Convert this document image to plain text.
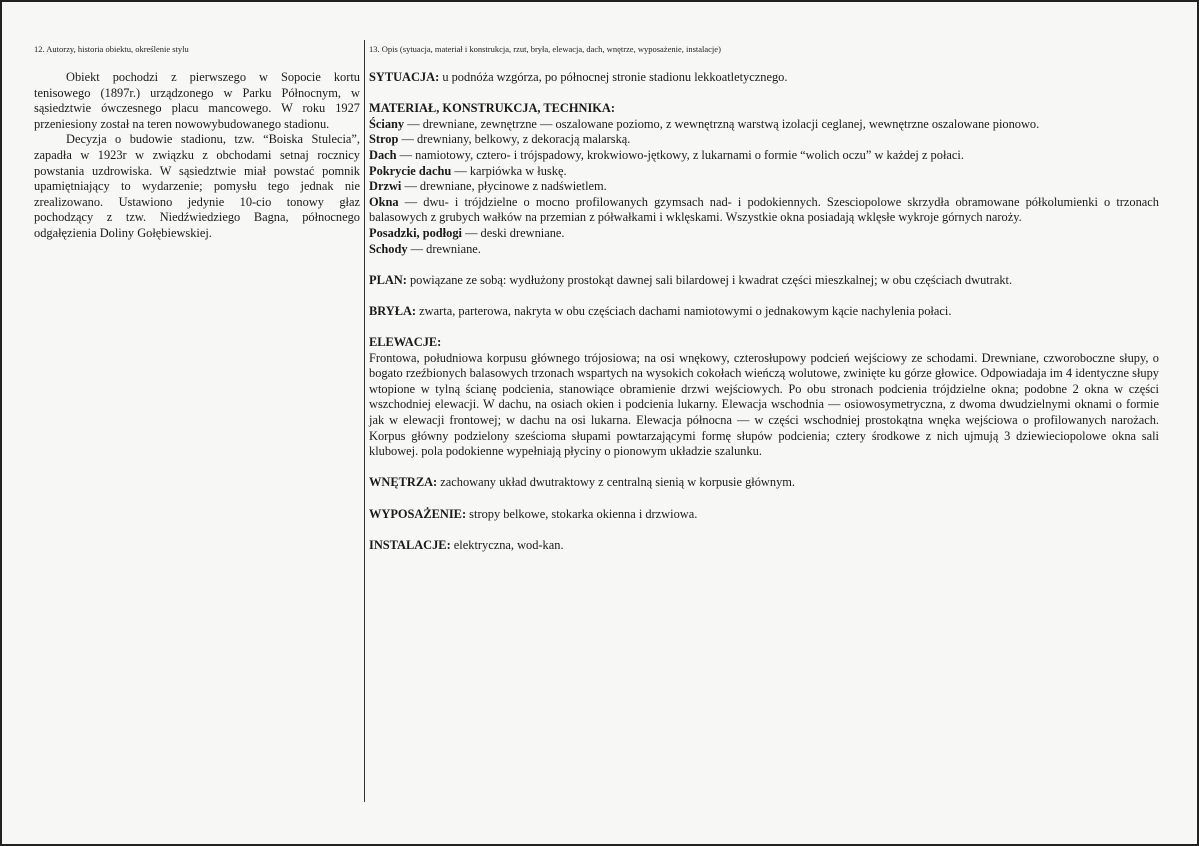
12. Autorzy, historia obiektu, określenie stylu

Obiekt pochodzi z pierwszego w Sopocie kortu tenisowego (1897r.) urządzonego w Parku Północnym, w sąsiedztwie ówczesnego placu mancowego. W roku 1927 przeniesiony został na teren nowowybudowanego stadionu.

Decyzja o budowie stadionu, tzw. “Boiska Stulecia”, zapadła w 1923r w związku z obchodami setnaj rocznicy powstania uzdrowiska. W sąsiedztwie miał powstać pomnik upamiętniający to wydarzenie; pomysłu tego jednak nie zrealizowano. Ustawiono jedynie 10-cio tonowy głaz pochodzący z tzw. Niedźwiedziego Bagna, północnego odgałęzienia Doliny Gołębiewskiej.

13. Opis (sytuacja, materiał i konstrukcja, rzut, bryła, elewacja, dach, wnętrze, wyposażenie, instalacje)

SYTUACJA: u podnóża wzgórza, po północnej stronie stadionu lekkoatletycznego.

MATERIAŁ, KONSTRUKCJA, TECHNIKA:

Ściany — drewniane, zewnętrzne — oszalowane poziomo, z wewnętrzną warstwą izolacji ceglanej, wewnętrzne oszalowane pionowo.

Strop — drewniany, belkowy, z dekoracją malarską.

Dach — namiotowy, cztero- i trójspadowy, krokwiowo-jętkowy, z lukarnami o formie “wolich oczu” w każdej z połaci.

Pokrycie dachu — karpiówka w łuskę.

Drzwi — drewniane, płycinowe z nadświetlem.

Okna — dwu- i trójdzielne o mocno profilowanych gzymsach nad- i podokiennych. Szesciopolowe skrzydła obramowane półkolumienki o trzonach balasowych z grubych wałków na przemian z półwałkami i wklęskami. Wszystkie okna posiadają wklęsłe wykroje górnych naroży.

Posadzki, podłogi — deski drewniane.

Schody — drewniane.

PLAN: powiązane ze sobą: wydłużony prostokąt dawnej sali bilardowej i kwadrat części mieszkalnej; w obu częściach dwutrakt.

BRYŁA: zwarta, parterowa, nakryta w obu częściach dachami namiotowymi o jednakowym kącie nachylenia połaci.

ELEWACJE:

Frontowa, południowa korpusu głównego trójosiowa; na osi wnękowy, czterosłupowy podcień wejściowy ze schodami. Drewniane, czworoboczne słupy, o bogato rzeźbionych balasowych trzonach wspartych na wysokich cokołach wieńczą wolutowe, zwinięte ku górze głowice. Odpowiadaja im 4 identyczne słupy wtopione w tylną ścianę podcienia, stanowiące obramienie drzwi wejściowych. Po obu stronach podcienia trójdzielne okna; podobne 2 okna w części wszchodniej elewacji. W dachu, na osiach okien i podcienia lukarny. Elewacja wschodnia — osiowosymetryczna, z dwoma dwudzielnymi oknami o formie jak w elewacji frontowej; w dachu na osi lukarna. Elewacja północna — w części wschodniej prostokątna wnęka wejściowa o profilowanych narożach. Korpus główny podzielony sześcioma słupami powtarzającymi formę słupów podcienia; cztery środkowe z nich ujmują 3 dziewieciopolowe okna sali klubowej. pola podokienne wypełniają płyciny o pionowym układzie szalunku.

WNĘTRZA: zachowany układ dwutraktowy z centralną sienią w korpusie głównym.

WYPOSAŻENIE: stropy belkowe, stokarka okienna i drzwiowa.

INSTALACJE: elektryczna, wod-kan.
